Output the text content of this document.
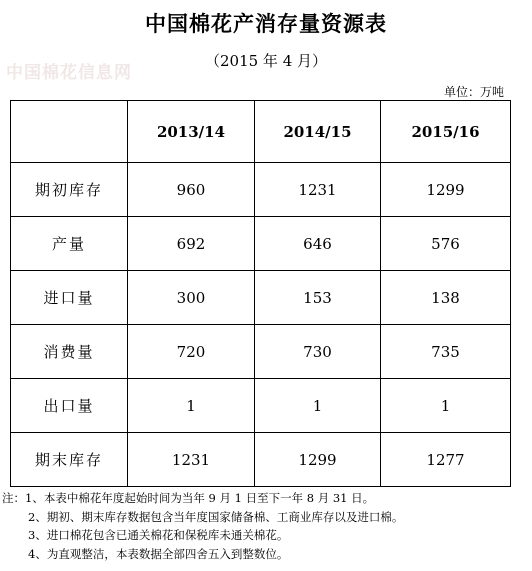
中国棉花产消存量资源表
中国棉花信息网
（2015 年 4 月）
单位：万吨
	2013/14	2014/15	2015/16
期初库存	960	1231	1299
产量	692	646	576
进口量	300	153	138
消费量	720	730	735
出口量	1	1	1
期末库存	1231	1299	1277
注：1、本表中棉花年度起始时间为当年 9 月 1 日至下一年 8 月 31 日。
2、期初、期末库存数据包含当年度国家储备棉、工商业库存以及进口棉。
3、进口棉花包含已通关棉花和保税库未通关棉花。
4、为直观整洁，本表数据全部四舍五入到整数位。
